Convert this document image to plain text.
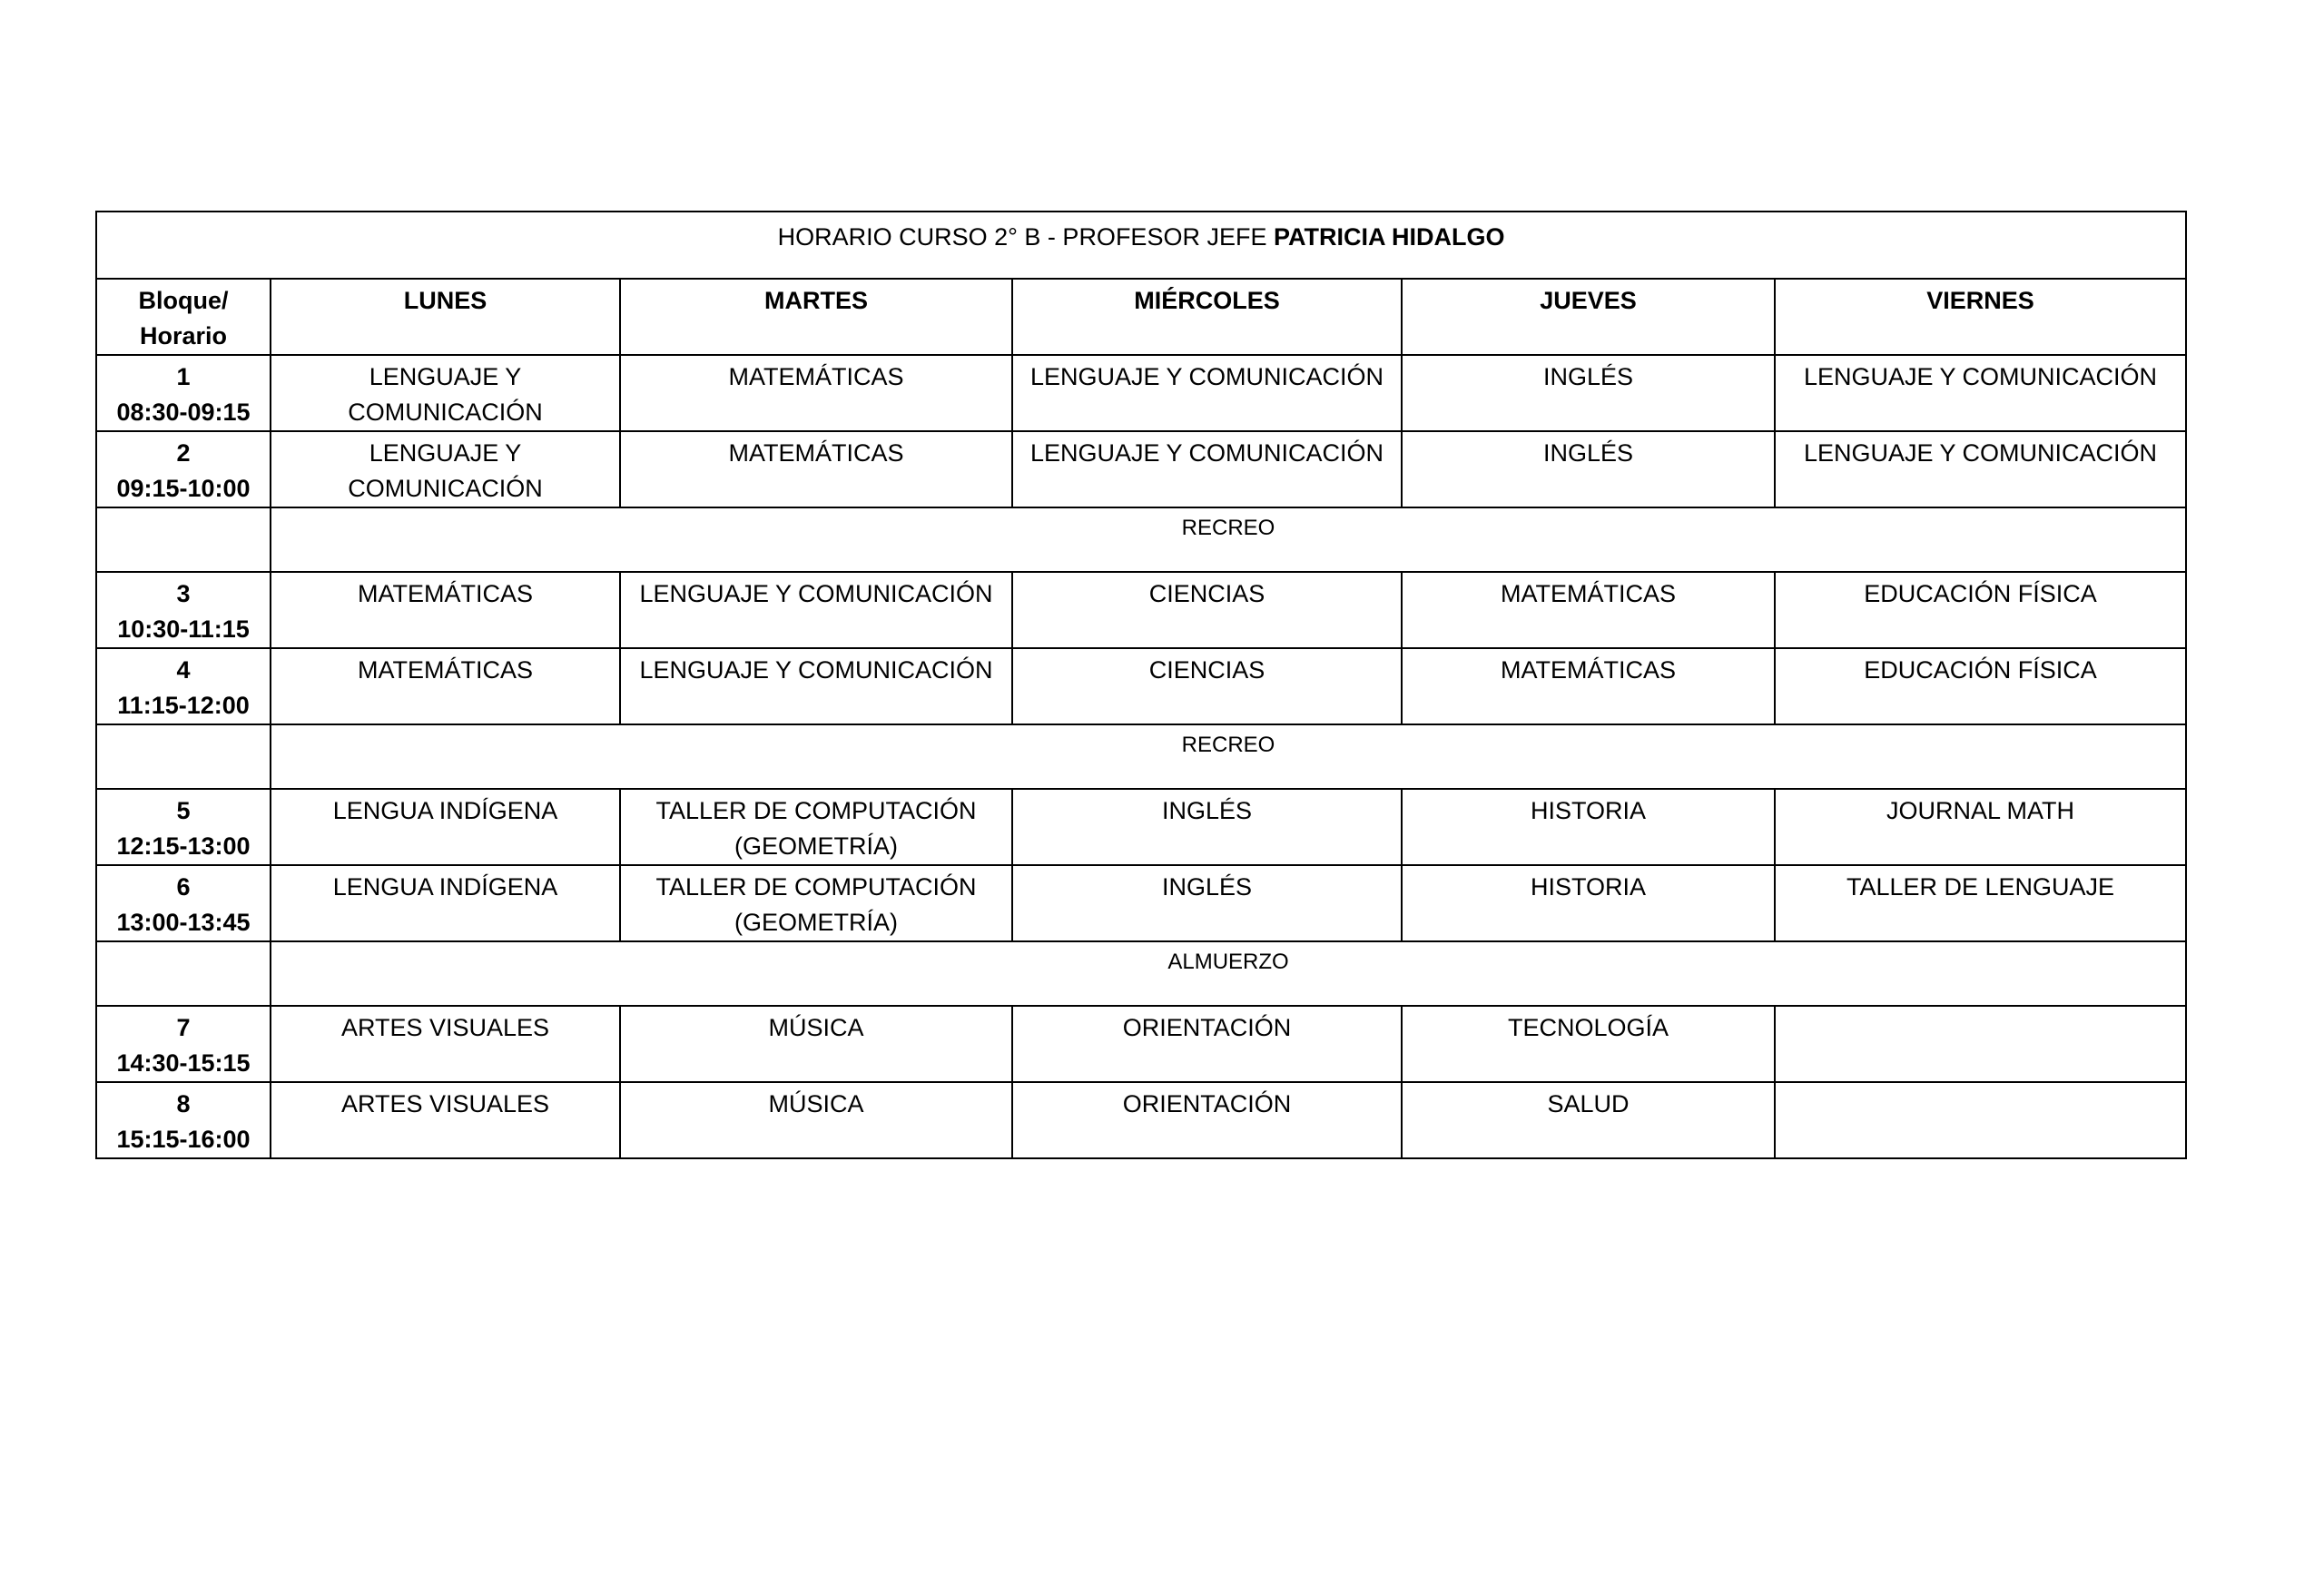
HORARIO CURSO 2° B - PROFESOR JEFE PATRICIA HIDALGO					

Bloque/
Horario	LUNES	MARTES	MIÉRCOLES	JUEVES	VIERNES

1
08:30-09:15	LENGUAJE Y
COMUNICACIÓN	MATEMÁTICAS	LENGUAJE Y COMUNICACIÓN	INGLÉS	LENGUAJE Y COMUNICACIÓN

2
09:15-10:00	LENGUAJE Y
COMUNICACIÓN	MATEMÁTICAS	LENGUAJE Y COMUNICACIÓN	INGLÉS	LENGUAJE Y COMUNICACIÓN

	RECREO				

3
10:30-11:15	MATEMÁTICAS	LENGUAJE Y COMUNICACIÓN	CIENCIAS	MATEMÁTICAS	EDUCACIÓN FÍSICA

4
11:15-12:00	MATEMÁTICAS	LENGUAJE Y COMUNICACIÓN	CIENCIAS	MATEMÁTICAS	EDUCACIÓN FÍSICA

	RECREO				

5
12:15-13:00	LENGUA INDÍGENA	TALLER DE COMPUTACIÓN
(GEOMETRÍA)	INGLÉS	HISTORIA	JOURNAL MATH

6
13:00-13:45	LENGUA INDÍGENA	TALLER DE COMPUTACIÓN
(GEOMETRÍA)	INGLÉS	HISTORIA	TALLER DE LENGUAJE

	ALMUERZO				

7
14:30-15:15	ARTES VISUALES	MÚSICA	ORIENTACIÓN	TECNOLOGÍA	

8
15:15-16:00	ARTES VISUALES	MÚSICA	ORIENTACIÓN	SALUD	
